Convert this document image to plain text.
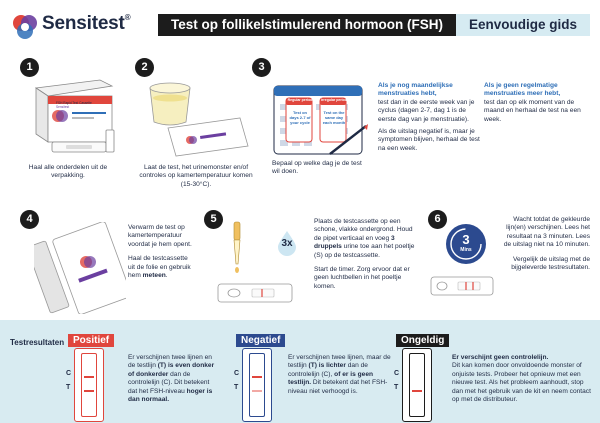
Sensitest®	Test op follikelstimulerend hormoon (FSH)	Eenvoudige gids
1
FSH Rapid Test Cassette
Sensitest
Haal alle onderdelen uit de verpakking.
2
Laat de test, het urinemonster en/of controles op kamertemperatuur komen (15-30°C).
3
Regular period Irregular period
Test on days 2-7 of your cycle
Test on the same day each month
Bepaal op welke dag je de test wil doen.
Als je nog maandelijkse menstruaties hebt,
test dan in de eerste week van je cyclus (dagen 2-7, dag 1 is de eerste dag van je menstruatie).
Als de uitslag negatief is, maar je symptomen blijven, herhaal de test na een week.
Als je geen regelmatige menstruaties meer hebt,
test dan op elk moment van de maand en herhaal de test na een week.
4
Verwarm de test op kamertemperatuur voordat je hem opent.
Haal de testcassette uit de folie en gebruik hem meteen.
5
3x
Plaats de testcassette op een schone, vlakke ondergrond. Houd de pipet verticaal en voeg 3 druppels urine toe aan het poeltje (S) op de testcassette.
Start de timer. Zorg ervoor dat er geen luchtbellen in het poeltje komen.
6
3
Mins
Wacht totdat de gekleurde lijn(en) verschijnen. Lees het resultaat na 3 minuten. Lees de uitslag niet na 10 minuten.
Vergelijk de uitslag met de bijgeleverde testresultaten.
Testresultaten Positief
C
T
Er verschijnen twee lijnen en de testlijn (T) is even donker of donkerder dan de controlelijn (C). Dit betekent dat het FSH-niveau hoger is dan normaal.
Negatief
C
T
Er verschijnen twee lijnen, maar de testlijn (T) is lichter dan de controlelijn (C), of er is geen testlijn. Dit betekent dat het FSH-niveau niet verhoogd is.
Ongeldig
C
T
Er verschijnt geen controlelijn.
Dit kan komen door onvoldoende monster of onjuiste tests. Probeer het opnieuw met een nieuwe test. Als het probleem aanhoudt, stop dan met het gebruik van de kit en neem contact op met de distributeur.
